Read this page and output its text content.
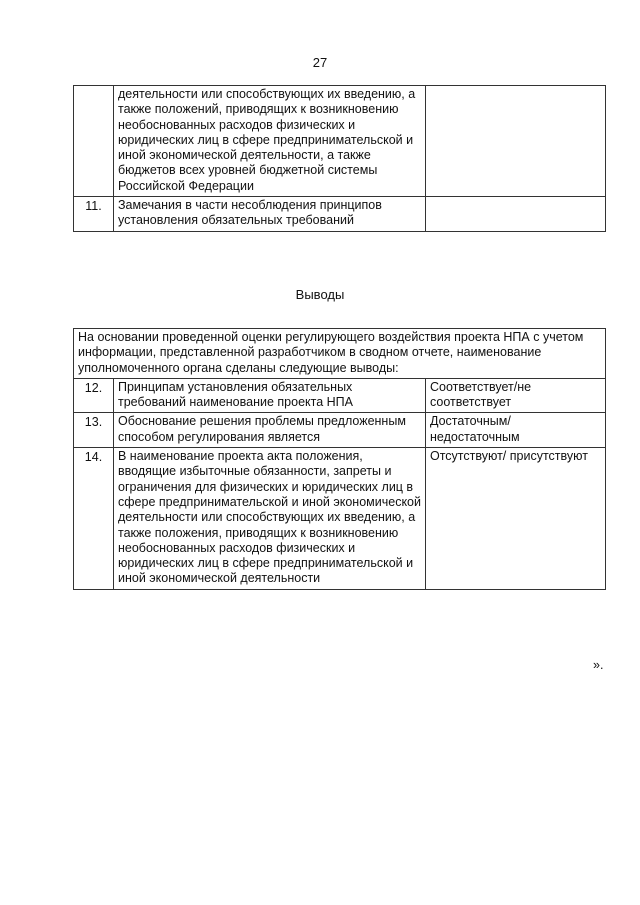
27
	деятельности или способствующих их введению, а также положений, приводящих к возникновению необоснованных расходов физических и юридических лиц в сфере предпринимательской и иной экономической деятельности, а также бюджетов всех уровней бюджетной системы Российской Федерации	
11.	Замечания в части несоблюдения принципов установления обязательных требований	
Выводы
На основании проведенной оценки регулирующего воздействия проекта НПА с учетом информации, представленной разработчиком в сводном отчете, наименование уполномоченного органа сделаны следующие выводы:		
12.	Принципам установления обязательных требований наименование проекта НПА	Соответствует/не соответствует
13.	Обоснование решения проблемы предложенным способом регулирования является	Достаточным/ недостаточным
14.	В наименование проекта акта положения, вводящие избыточные обязанности, запреты и ограничения для физических и юридических лиц в сфере предпринимательской и иной экономической деятельности или способствующих их введению, а также положения, приводящих к возникновению необоснованных расходов физических и юридических лиц в сфере предпринимательской и иной экономической деятельности	Отсутствуют/ присутствуют
».
